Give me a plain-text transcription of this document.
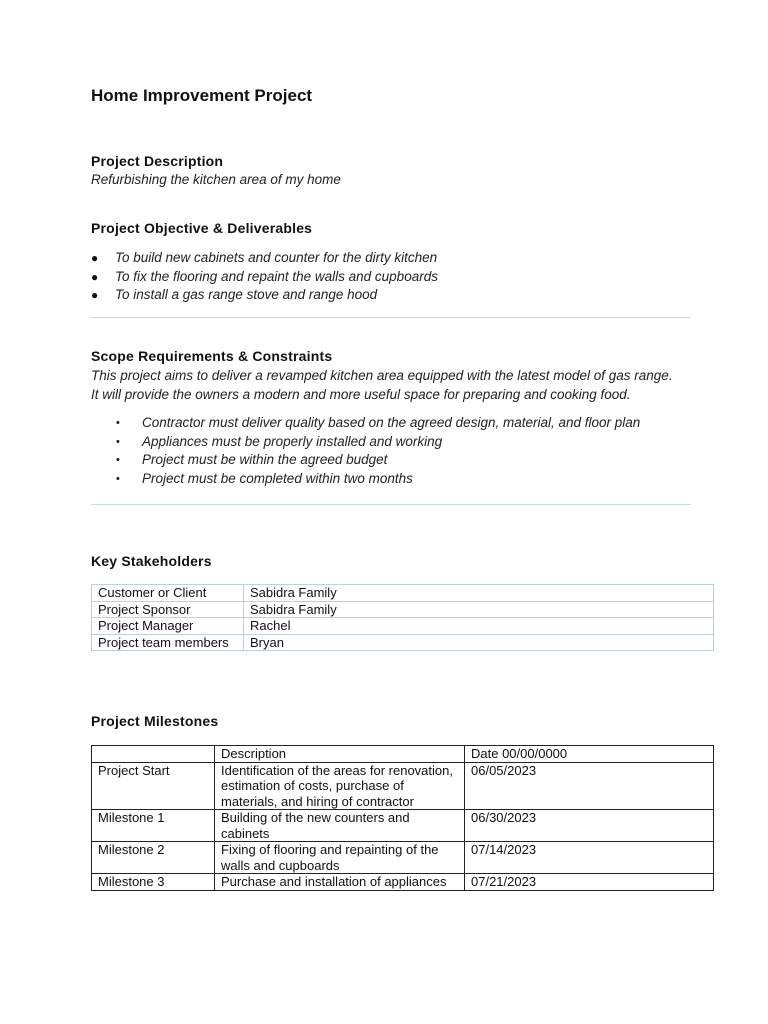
Home Improvement Project
Project Description

Refurbishing the kitchen area of my home

Project Objective & Deliverables
● To build new cabinets and counter for the dirty kitchen
● To fix the flooring and repaint the walls and cupboards
● To install a gas range stove and range hood
Scope Requirements & Constraints
This project aims to deliver a revamped kitchen area equipped with the latest model of gas range.
It will provide the owners a modern and more useful space for preparing and cooking food.
• Contractor must deliver quality based on the agreed design, material, and floor plan
• Appliances must be properly installed and working
• Project must be within the agreed budget
• Project must be completed within two months
Key Stakeholders
Customer or Client	Sabidra Family
Project Sponsor	Sabidra Family
Project Manager	Rachel
Project team members	Bryan
Project Milestones
	Description	Date 00/00/0000
Project Start	Identification of the areas for renovation, estimation of costs, purchase of materials, and hiring of contractor	06/05/2023
Milestone 1	Building of the new counters and cabinets	06/30/2023
Milestone 2	Fixing of flooring and repainting of the walls and cupboards	07/14/2023
Milestone 3	Purchase and installation of appliances	07/21/2023
